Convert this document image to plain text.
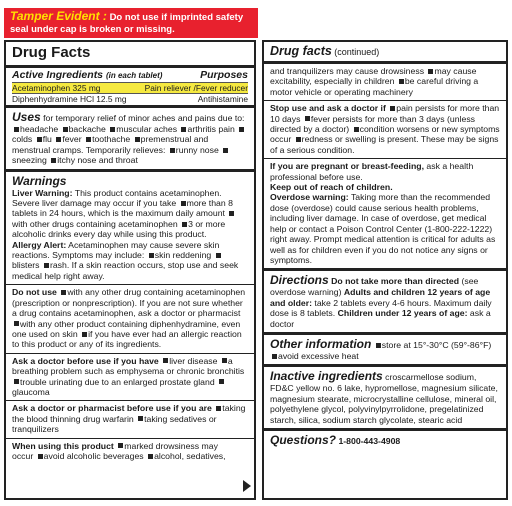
Tamper Evident : Do not use if imprinted safety seal under cap is broken or missing.
Drug Facts
Active Ingredients (in each tablet)	Purposes
Acetaminophen 325 mg	Pain reliever /Fever reducer
Diphenhydramine HCl 12.5 mg	Antihistamine
Uses for temporary relief of minor aches and pains due to: headache backache muscular aches arthritis pain colds flu fever toothache premenstrual and menstrual cramps. Temporarily relieves: runny nose sneezing itchy nose and throat
Warnings
Liver Warning: This product contains acetaminophen. Severe liver damage may occur if you take more than 8 tablets in 24 hours, which is the maximum daily amount with other drugs containing acetaminophen 3 or more alcoholic drinks every day while using this product.
Allergy Alert: Acetaminophen may cause severe skin reactions. Symptoms may include: skin reddening blisters rash. If a skin reaction occurs, stop use and seek medical help right away.
Do not use with any other drug containing acetaminophen (prescription or nonprescription). If you are not sure whether a drug contains acetaminophen, ask a doctor or pharmacist with any other product containing diphenhydramine, even one used on skin if you have ever had an allergic reaction to this product or any of its ingredients.
Ask a doctor before use if you have liver disease a breathing problem such as emphysema or chronic bronchitis trouble urinating due to an enlarged prostate gland glaucoma
Ask a doctor or pharmacist before use if you are taking the blood thinning drug warfarin taking sedatives or tranquilizers
When using this product marked drowsiness may occur avoid alcoholic beverages alcohol, sedatives,
Drug facts (continued)
and tranquilizers may cause drowsiness may cause excitability, especially in children be careful driving a motor vehicle or operating machinery
Stop use and ask a doctor if pain persists for more than 10 days fever persists for more than 3 days (unless directed by a doctor) condition worsens or new symptoms occur redness or swelling is present. These may be signs of a serious condition.
If you are pregnant or breast-feeding, ask a health professional before use.
Keep out of reach of children.
Overdose warning: Taking more than the recommended dose (overdose) could cause serious health problems, including liver damage. In case of overdose, get medical help or contact a Poison Control Center (1-800-222-1222) right away. Prompt medical attention is critical for adults as well as for children even if you do not notice any signs or symptoms.
Directions Do not take more than directed (see overdose warning) Adults and children 12 years of age and older: take 2 tablets every 4-6 hours. Maximum daily dose is 8 tablets. Children under 12 years of age: ask a doctor
Other information store at 15°-30°C (59°-86°F)
avoid excessive heat
Inactive ingredients croscarmellose sodium, FD&C yellow no. 6 lake, hypromellose, magnesium silicate, magnesium stearate, microcrystalline cellulose, mineral oil, polyethylene glycol, polyvinylpyrrolidone, pregelatinized starch, silica, sodium starch glycolate, stearic acid
Questions? 1-800-443-4908
